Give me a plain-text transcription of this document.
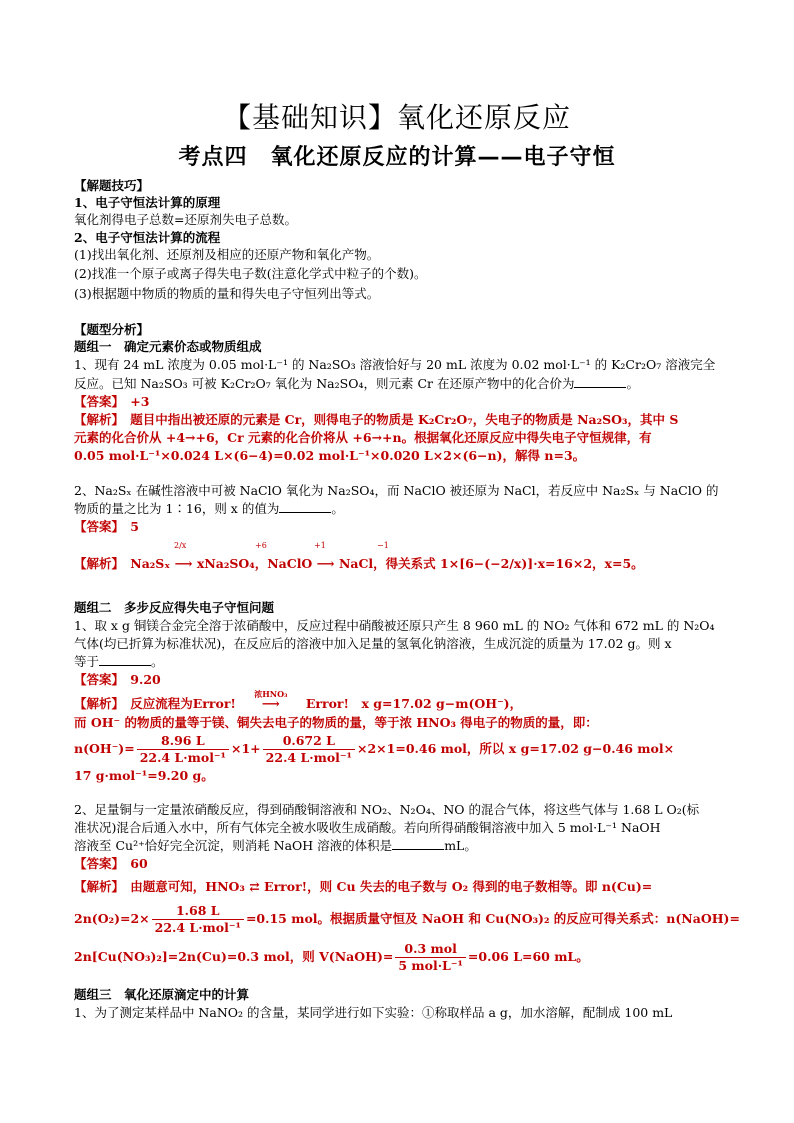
【基础知识】氧化还原反应
考点四　氧化还原反应的计算——电子守恒
【解题技巧】
1、电子守恒法计算的原理
氧化剂得电子总数=还原剂失电子总数。
2、电子守恒法计算的流程
(1)找出氧化剂、还原剂及相应的还原产物和氧化产物。
(2)找准一个原子或离子得失电子数(注意化学式中粒子的个数)。
(3)根据题中物质的物质的量和得失电子守恒列出等式。
【题型分析】
题组一　确定元素价态或物质组成
1、现有 24 mL 浓度为 0.05 mol·L⁻¹ 的 Na₂SO₃ 溶液恰好与 20 mL 浓度为 0.02 mol·L⁻¹ 的 K₂Cr₂O₇ 溶液完全
反应。已知 Na₂SO₃ 可被 K₂Cr₂O₇ 氧化为 Na₂SO₄，则元素 Cr 在还原产物中的化合价为	。
【答案】　 +3
【解析】　 题目中指出被还原的元素是 Cr，则得电子的物质是 K₂Cr₂O₇，失电子的物质是 Na₂SO₃，其中 S
元素的化合价从 +4→+6，Cr 元素的化合价将从 +6→+n。根据氧化还原反应中得失电子守恒规律，有
0.05 mol·L⁻¹×0.024 L×(6−4)=0.02 mol·L⁻¹×0.020 L×2×(6−n)，解得 n=3。
2、Na₂Sₓ 在碱性溶液中可被 NaClO 氧化为 Na₂SO₄，而 NaClO 被还原为 NaCl，若反应中 Na₂Sₓ 与 NaClO 的
物质的量之比为 1∶16，则 x 的值为	。
【答案】　 5
2/x	+6	+1	−1
【解析】　 Na₂Sₓ ⟶ xNa₂SO₄，NaClO ⟶ NaCl，得关系式 1×[6−(−2/x)]·x=16×2，x=5。
题组二　多步反应得失电子守恒问题
1、取 x g 铜镁合金完全溶于浓硝酸中，反应过程中硝酸被还原只产生 8 960 mL 的 NO₂ 气体和 672 mL 的 N₂O₄
气体(均已折算为标准状况)，在反应后的溶液中加入足量的氢氧化钠溶液，生成沉淀的质量为 17.02 g。则 x
等于	。
【答案】　 9.20
【解析】　 反应流程为Error!
浓HNO₃
⟶ Error!　x g=17.02 g−m(OH⁻)，
而 OH⁻ 的物质的量等于镁、铜失去电子的物质的量，等于浓 HNO₃ 得电子的物质的量，即：
$n(OH^-)= \frac{8.96 L}{\text{22.4 L·mol⁻¹}} \times 1+ \frac{0.672 L}{\text{22.4 L·mol⁻¹}} \times 2\times 1=0.46$ mol，所以 x g=17.02 g−0.46 mol×
17 g·mol⁻¹=9.20 g。
2、足量铜与一定量浓硝酸反应，得到硝酸铜溶液和 NO₂、N₂O₄、NO 的混合气体，将这些气体与 1.68 L O₂(标
准状况)混合后通入水中，所有气体完全被水吸收生成硝酸。若向所得硝酸铜溶液中加入 5 mol·L⁻¹ NaOH
溶液至 Cu²⁺恰好完全沉淀，则消耗 NaOH 溶液的体积是	mL。
【答案】　 60
【解析】　 由题意可知，HNO₃ ⇄ Error!，则 Cu 失去的电子数与 O₂ 得到的电子数相等。即 n(Cu)=
$2n(O_2)=2\times \frac{1.68 L}{\text{22.4 L·mol⁻¹}} =0.15$ mol。根据质量守恒及 NaOH 和 Cu(NO₃)₂ 的反应可得关系式：n(NaOH)=
2n[Cu(NO₃)₂]=2n(Cu)=0.3 mol，则 V(NaOH)= $\frac{\text{0.3 mol}}{\text{5 mol·L⁻¹}} =0.06$ L=60 mL。
题组三　氧化还原滴定中的计算
1、为了测定某样品中 NaNO₂ 的含量，某同学进行如下实验：①称取样品 a g，加水溶解，配制成 100 mL
